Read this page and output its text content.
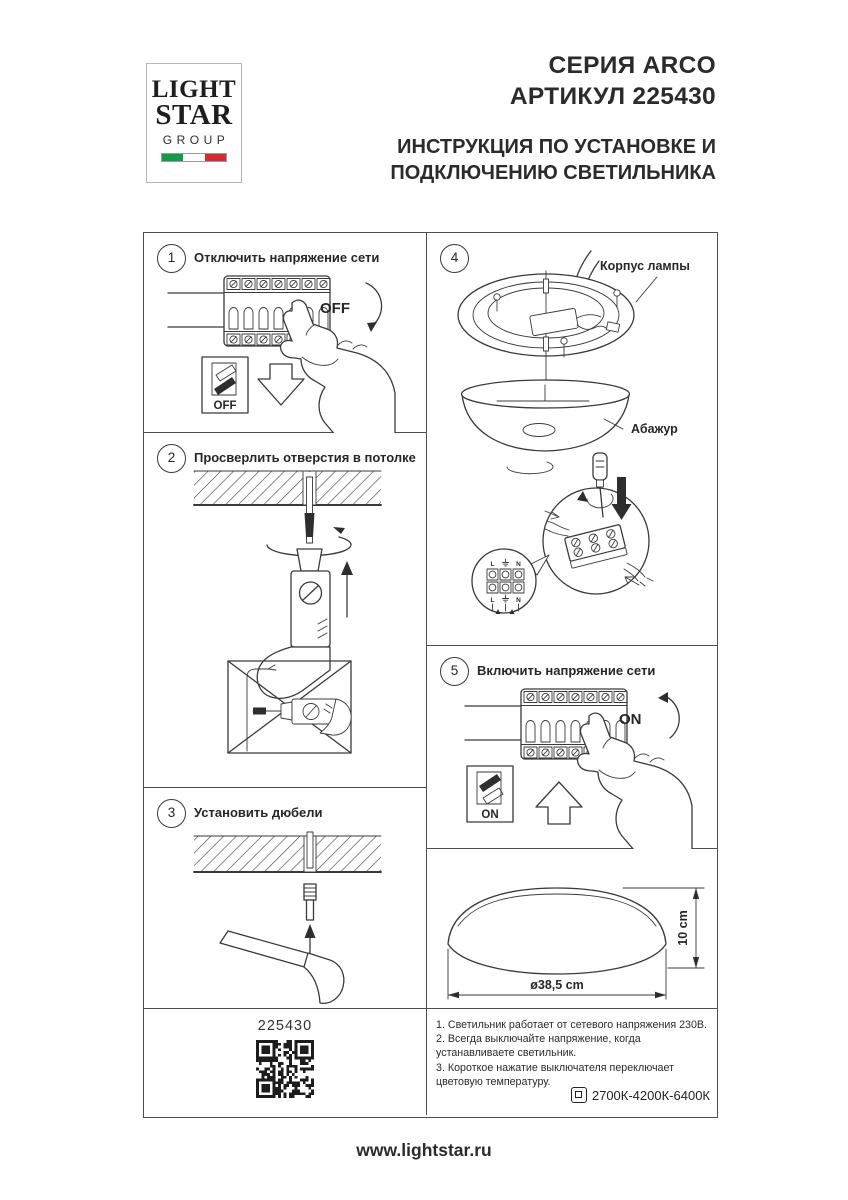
LIGHT
STAR
GROUP
СЕРИЯ ARCO
АРТИКУЛ 225430
ИНСТРУКЦИЯ ПО УСТАНОВКЕ И
ПОДКЛЮЧЕНИЮ СВЕТИЛЬНИКА
1	Отключить напряжение сети
OFF
OFF
2	Просверлить отверстия в потолке
3	Установить дюбели
225430
4
Корпус лампы
Абажур
L	N
L	N
5	Включить напряжение сети
ON
ON
ø38,5 cm
10 cm
1. Светильник работает от сетевого напряжения 230В.
2. Всегда выключайте напряжение, когда
устанавливаете светильник.
3. Короткое нажатие выключателя переключает
цветовую температуру.
2700К-4200К-6400К
www.lightstar.ru
